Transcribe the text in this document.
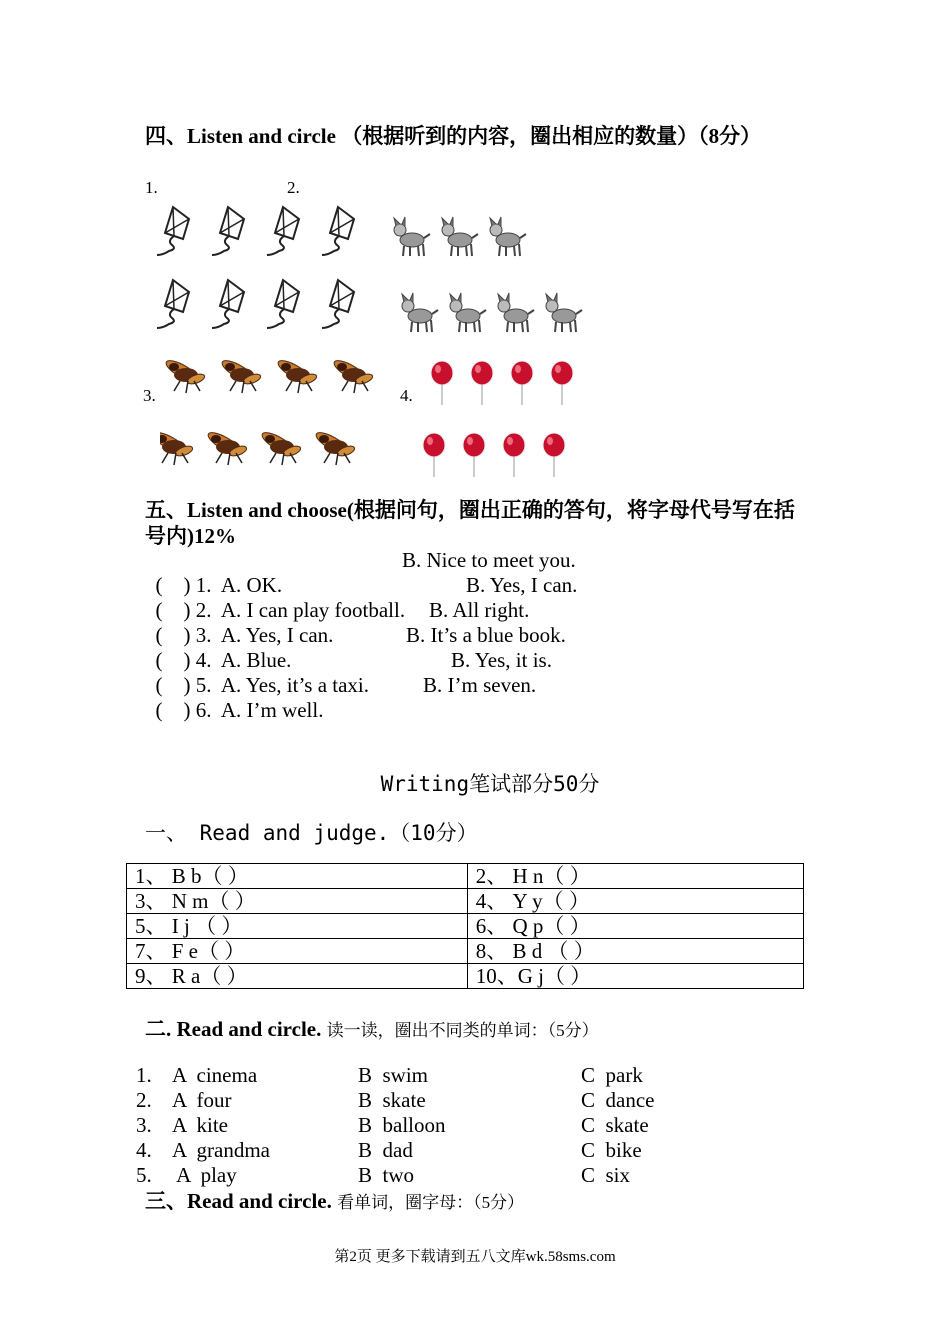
四、Listen and circle （根据听到的内容，圈出相应的数量）（8分）
1.	2.
3.	4.
五、Listen and choose(根据问句，圈出正确的答句，将字母代号写在括号内)12%

(    ) 1.  A. OK.

B. Nice to meet you.

(    ) 2.  A. I can play football.

B. Yes, I can.

(    ) 3.  A. Yes, I can.

B. All right.

(    ) 4.  A. Blue.

B. It’s a blue book.

(    ) 5.  A. Yes, it’s a taxi.

B. Yes, it is.

(    ) 6.  A. I’m well.

B. I’m seven.

Writing笔试部分50分
一、 Read and judge.（10分）
1、 B b（ ）	2、 H n（ ）
3、 N m（ ）	4、 Y y（ ）
5、 I j （ ）	6、 Q p（ ）
7、 F e（ ）	8、 B d （ ）
9、 R a（ ）	10、G j（ ）
二. Read and circle. 读一读，圈出不同类的单词：（5分）
1. A  cinema	B  swim	C  park
2. A  four	B  skate	C  dance
3. A  kite	B  balloon	C  skate
4. A  grandma	B  dad	C  bike
5. A  play	B  two	C  six
三、Read and circle. 看单词，圈字母：（5分）
第2页 更多下载请到五八文库wk.58sms.com
